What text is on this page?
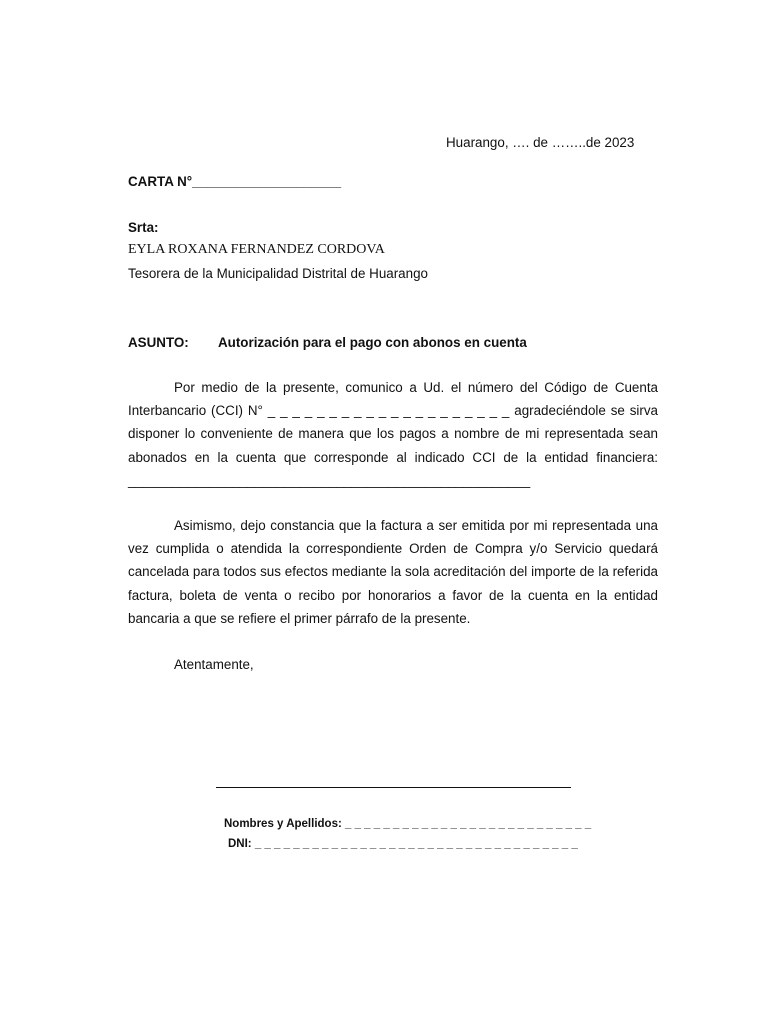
Huarango, …. de ……..de 2023
CARTA N°____________________
Srta:
EYLA ROXANA FERNANDEZ CORDOVA
Tesorera de la Municipalidad Distrital de Huarango
ASUNTO: Autorización para el pago con abonos en cuenta

Por medio de la presente, comunico a Ud. el número del Código de Cuenta Interbancario (CCI) N° _ _ _ _ _ _ _ _ _ _ _ _ _ _ _ _ _ _ _ _ agradeciéndole se sirva disponer lo conveniente de manera que los pagos a nombre de mi representada sean abonados en la cuenta que corresponde al indicado CCI de la entidad financiera: ______________________________________________________

Asimismo, dejo constancia que la factura a ser emitida por mi representada una vez cumplida o atendida la correspondiente Orden de Compra y/o Servicio quedará cancelada para todos sus efectos mediante la sola acreditación del importe de la referida factura, boleta de venta o recibo por honorarios a favor de la cuenta en la entidad bancaria a que se refiere el primer párrafo de la presente.

Atentamente,
Nombres y Apellidos: _ _ _ _ _ _ _ _ _ _ _ _ _ _ _ _ _ _ _ _ _ _ _ _ _ _
DNI: _ _ _ _ _ _ _ _ _ _ _ _ _ _ _ _ _ _ _ _ _ _ _ _ _ _ _ _ _ _ _ _ _ _
